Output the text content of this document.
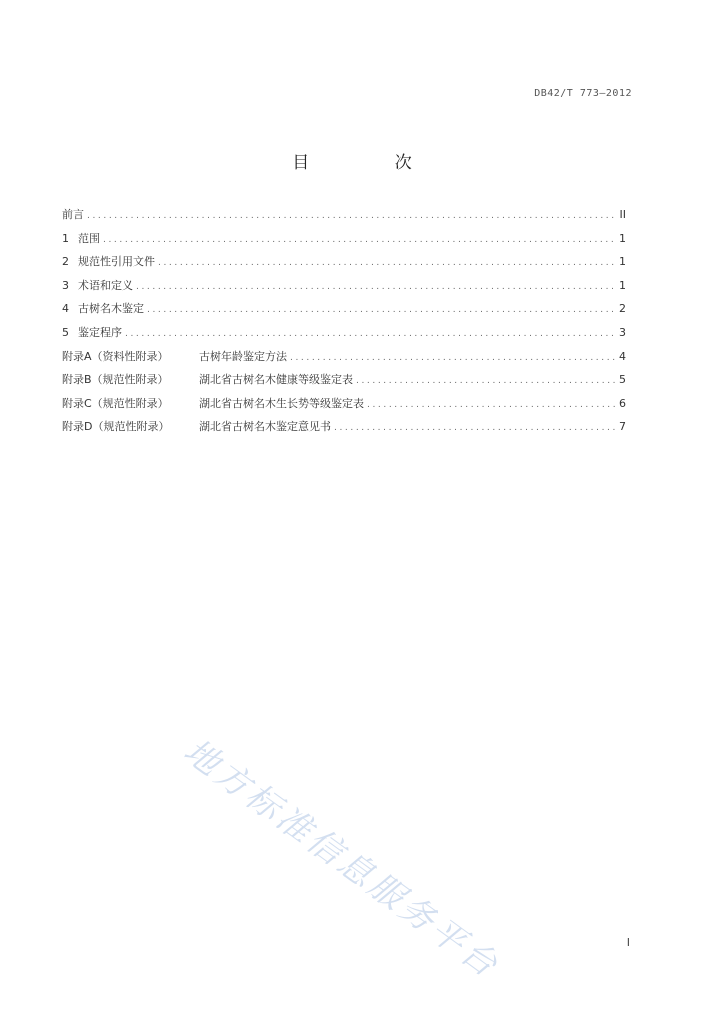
DB42/T 773—2012
目 次
前言 .....	II
1 范围 .....	1
2 规范性引用文件 .....	1
3 术语和定义 .....	1
4 古树名木鉴定 .....	2
5 鉴定程序 .....	3
附录A（资料性附录）	古树年龄鉴定方法 .....	4
附录B（规范性附录）	湖北省古树名木健康等级鉴定表 .....	5
附录C（规范性附录）	湖北省古树名木生长势等级鉴定表 .....	6
附录D（规范性附录）	湖北省古树名木鉴定意见书 .....	7
地方标准信息服务平台	I
